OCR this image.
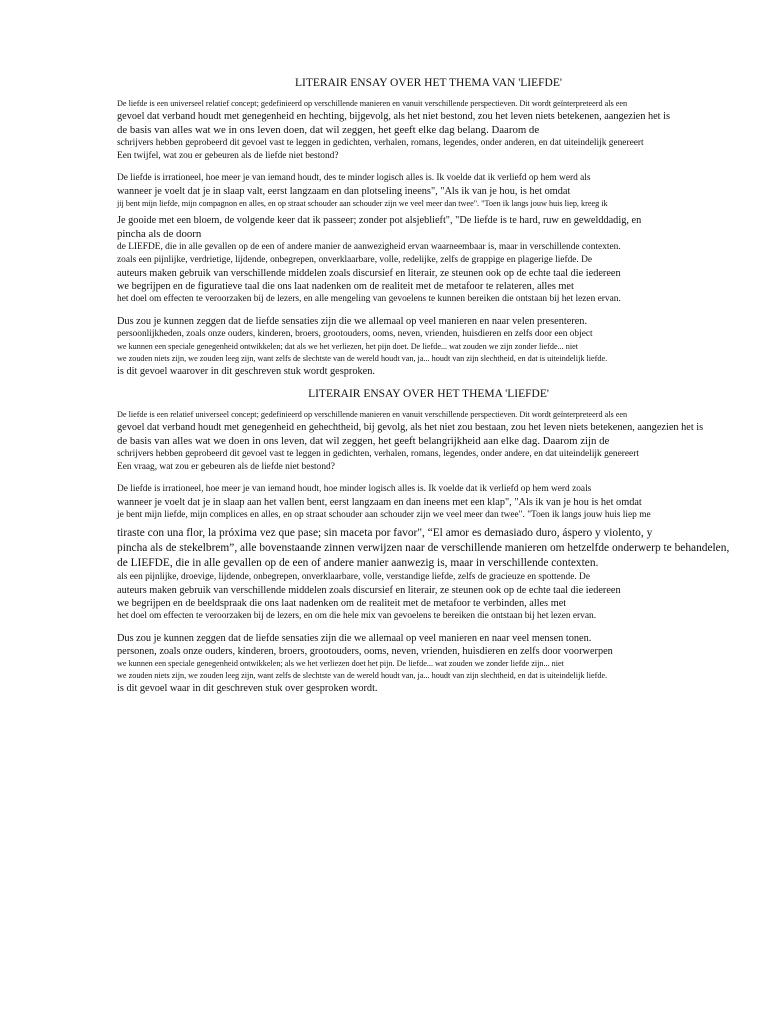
LITERAIR ENSAY OVER HET THEMA VAN 'LIEFDE'
De liefde is een universeel relatief concept; gedefinieerd op verschillende manieren en vanuit verschillende perspectieven. Dit wordt geïnterpreteerd als een
gevoel dat verband houdt met genegenheid en hechting, bijgevolg, als het niet bestond, zou het leven niets betekenen, aangezien het is
de basis van alles wat we in ons leven doen, dat wil zeggen, het geeft elke dag belang. Daarom de
schrijvers hebben geprobeerd dit gevoel vast te leggen in gedichten, verhalen, romans, legendes, onder anderen, en dat uiteindelijk genereert
Een twijfel, wat zou er gebeuren als de liefde niet bestond?
De liefde is irrationeel, hoe meer je van iemand houdt, des te minder logisch alles is. Ik voelde dat ik verliefd op hem werd als
wanneer je voelt dat je in slaap valt, eerst langzaam en dan plotseling ineens", "Als ik van je hou, is het omdat
jij bent mijn liefde, mijn compagnon en alles, en op straat schouder aan schouder zijn we veel meer dan twee". "Toen ik langs jouw huis liep, kreeg ik
Je gooide met een bloem, de volgende keer dat ik passeer; zonder pot alsjeblieft", "De liefde is te hard, ruw en gewelddadig, en
pincha als de doorn
de LIEFDE, die in alle gevallen op de een of andere manier de aanwezigheid ervan waarneembaar is, maar in verschillende contexten.
zoals een pijnlijke, verdrietige, lijdende, onbegrepen, onverklaarbare, volle, redelijke, zelfs de grappige en plagerige liefde. De
auteurs maken gebruik van verschillende middelen zoals discursief en literair, ze steunen ook op de echte taal die iedereen
we begrijpen en de figuratieve taal die ons laat nadenken om de realiteit met de metafoor te relateren, alles met
het doel om effecten te veroorzaken bij de lezers, en alle mengeling van gevoelens te kunnen bereiken die ontstaan bij het lezen ervan.
Dus zou je kunnen zeggen dat de liefde sensaties zijn die we allemaal op veel manieren en naar velen presenteren.
persoonlijkheden, zoals onze ouders, kinderen, broers, grootouders, ooms, neven, vrienden, huisdieren en zelfs door een object
we kunnen een speciale genegenheid ontwikkelen; dat als we het verliezen, het pijn doet. De liefde... wat zouden we zijn zonder liefde... niet
we zouden niets zijn, we zouden leeg zijn, want zelfs de slechtste van de wereld houdt van, ja... houdt van zijn slechtheid, en dat is uiteindelijk liefde.
is dit gevoel waarover in dit geschreven stuk wordt gesproken.
LITERAIR ENSAY OVER HET THEMA 'LIEFDE'
De liefde is een relatief universeel concept; gedefinieerd op verschillende manieren en vanuit verschillende perspectieven. Dit wordt geïnterpreteerd als een
gevoel dat verband houdt met genegenheid en gehechtheid, bij gevolg, als het niet zou bestaan, zou het leven niets betekenen, aangezien het is
de basis van alles wat we doen in ons leven, dat wil zeggen, het geeft belangrijkheid aan elke dag. Daarom zijn de
schrijvers hebben geprobeerd dit gevoel vast te leggen in gedichten, verhalen, romans, legendes, onder andere, en dat uiteindelijk genereert
Een vraag, wat zou er gebeuren als de liefde niet bestond?
De liefde is irrationeel, hoe meer je van iemand houdt, hoe minder logisch alles is. Ik voelde dat ik verliefd op hem werd zoals
wanneer je voelt dat je in slaap aan het vallen bent, eerst langzaam en dan ineens met een klap", "Als ik van je hou is het omdat
je bent mijn liefde, mijn complices en alles, en op straat schouder aan schouder zijn we veel meer dan twee". "Toen ik langs jouw huis liep me
tiraste con una flor, la próxima vez que pase; sin maceta por favor", “El amor es demasiado duro, áspero y violento, y
pincha als de stekelbrem”, alle bovenstaande zinnen verwijzen naar de verschillende manieren om hetzelfde onderwerp te behandelen,
de LIEFDE, die in alle gevallen op de een of andere manier aanwezig is, maar in verschillende contexten.
als een pijnlijke, droevige, lijdende, onbegrepen, onverklaarbare, volle, verstandige liefde, zelfs de gracieuze en spottende. De
auteurs maken gebruik van verschillende middelen zoals discursief en literair, ze steunen ook op de echte taal die iedereen
we begrijpen en de beeldspraak die ons laat nadenken om de realiteit met de metafoor te verbinden, alles met
het doel om effecten te veroorzaken bij de lezers, en om die hele mix van gevoelens te bereiken die ontstaan bij het lezen ervan.
Dus zou je kunnen zeggen dat de liefde sensaties zijn die we allemaal op veel manieren en naar veel mensen tonen.
personen, zoals onze ouders, kinderen, broers, grootouders, ooms, neven, vrienden, huisdieren en zelfs door voorwerpen
we kunnen een speciale genegenheid ontwikkelen; als we het verliezen doet het pijn. De liefde... wat zouden we zonder liefde zijn... niet
we zouden niets zijn, we zouden leeg zijn, want zelfs de slechtste van de wereld houdt van, ja... houdt van zijn slechtheid, en dat is uiteindelijk liefde.
is dit gevoel waar in dit geschreven stuk over gesproken wordt.
